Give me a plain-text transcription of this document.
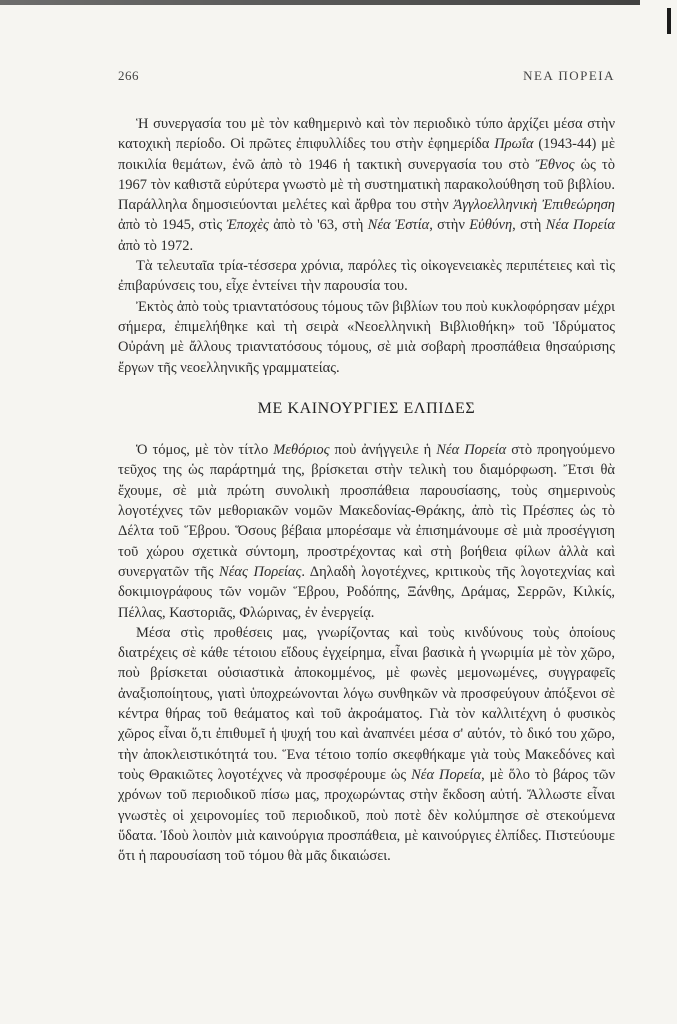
266	ΝΕΑ ΠΟΡΕΙΑ

Ἡ συνεργασία του μὲ τὸν καθημερινὸ καὶ τὸν περιοδικὸ τύπο ἀρχίζει μέσα στὴν κατοχικὴ περίοδο. Οἱ πρῶτες ἐπιφυλλίδες του στὴν ἐφημερίδα Πρωΐα (1943-44) μὲ ποικιλία θεμάτων, ἐνῶ ἀπὸ τὸ 1946 ἡ τακτικὴ συνεργασία του στὸ Ἔθνος ὡς τὸ 1967 τὸν καθιστᾶ εὐρύτερα γνωστὸ μὲ τὴ συστηματικὴ παρακολούθηση τοῦ βιβλίου. Παράλληλα δημοσιεύονται μελέτες καὶ ἄρθρα του στὴν Ἀγγλοελληνικὴ Ἐπιθεώρηση ἀπὸ τὸ 1945, στὶς Ἐποχὲς ἀπὸ τὸ '63, στὴ Νέα Ἑστία, στὴν Εὐθύνη, στὴ Νέα Πορεία ἀπὸ τὸ 1972.

Τὰ τελευταῖα τρία-τέσσερα χρόνια, παρόλες τὶς οἰκογενειακὲς περιπέτειες καὶ τὶς ἐπιβαρύνσεις του, εἶχε ἐντείνει τὴν παρουσία του.

Ἐκτὸς ἀπὸ τοὺς τριαντατόσους τόμους τῶν βιβλίων του ποὺ κυκλοφόρησαν μέχρι σήμερα, ἐπιμελήθηκε καὶ τὴ σειρὰ «Νεοελληνικὴ Βιβλιοθήκη» τοῦ Ἱδρύματος Οὐράνη μὲ ἄλλους τριαντατόσους τόμους, σὲ μιὰ σοβαρὴ προσπάθεια θησαύρισης ἔργων τῆς νεοελληνικῆς γραμματείας.

ΜΕ ΚΑΙΝΟΥΡΓΙΕΣ ΕΛΠΙΔΕΣ

Ὁ τόμος, μὲ τὸν τίτλο Μεθόριος ποὺ ἀνήγγειλε ἡ Νέα Πορεία στὸ προηγούμενο τεῦχος της ὡς παράρτημά της, βρίσκεται στὴν τελικὴ του διαμόρφωση. Ἔτσι θὰ ἔχουμε, σὲ μιὰ πρώτη συνολικὴ προσπάθεια παρουσίασης, τοὺς σημερινοὺς λογοτέχνες τῶν μεθοριακῶν νομῶν Μακεδονίας-Θράκης, ἀπὸ τὶς Πρέσπες ὡς τὸ Δέλτα τοῦ Ἕβρου. Ὅσους βέβαια μπορέσαμε νὰ ἐπισημάνουμε σὲ μιὰ προσέγγιση τοῦ χώρου σχετικὰ σύντομη, προστρέχοντας καὶ στὴ βοήθεια φίλων ἀλλὰ καὶ συνεργατῶν τῆς Νέας Πορείας. Δηλαδὴ λογοτέχνες, κριτικοὺς τῆς λογοτεχνίας καὶ δοκιμιογράφους τῶν νομῶν Ἕβρου, Ροδόπης, Ξάνθης, Δράμας, Σερρῶν, Κιλκίς, Πέλλας, Καστοριᾶς, Φλώρινας, ἐν ἐνεργείᾳ.

Μέσα στὶς προθέσεις μας, γνωρίζοντας καὶ τοὺς κινδύνους τοὺς ὁποίους διατρέχεις σὲ κάθε τέτοιου εἴδους ἐγχείρημα, εἶναι βασικὰ ἡ γνωριμία μὲ τὸν χῶρο, ποὺ βρίσκεται οὐσιαστικὰ ἀποκομμένος, μὲ φωνὲς μεμονωμένες, συγγραφεῖς ἀναξιοποίητους, γιατὶ ὑποχρεώνονται λόγω συνθηκῶν νὰ προσφεύγουν ἀπόξενοι σὲ κέντρα θήρας τοῦ θεάματος καὶ τοῦ ἀκροάματος. Γιὰ τὸν καλλιτέχνη ὁ φυσικὸς χῶρος εἶναι ὅ,τι ἐπιθυμεῖ ἡ ψυχή του καὶ ἀναπνέει μέσα σ' αὐτόν, τὸ δικό του χῶρο, τὴν ἀποκλειστικότητά του. Ἕνα τέτοιο τοπίο σκεφθήκαμε γιὰ τοὺς Μακεδόνες καὶ τοὺς Θρακιῶτες λογοτέχνες νὰ προσφέρουμε ὡς Νέα Πορεία, μὲ ὅλο τὸ βάρος τῶν χρόνων τοῦ περιοδικοῦ πίσω μας, προχωρώντας στὴν ἔκδοση αὐτή. Ἄλλωστε εἶναι γνωστὲς οἱ χειρονομίες τοῦ περιοδικοῦ, ποὺ ποτὲ δὲν κολύμπησε σὲ στεκούμενα ὕδατα. Ἰδοὺ λοιπὸν μιὰ καινούργια προσπάθεια, μὲ καινούργιες ἐλπίδες. Πιστεύουμε ὅτι ἡ παρουσίαση τοῦ τόμου θὰ μᾶς δικαιώσει.
